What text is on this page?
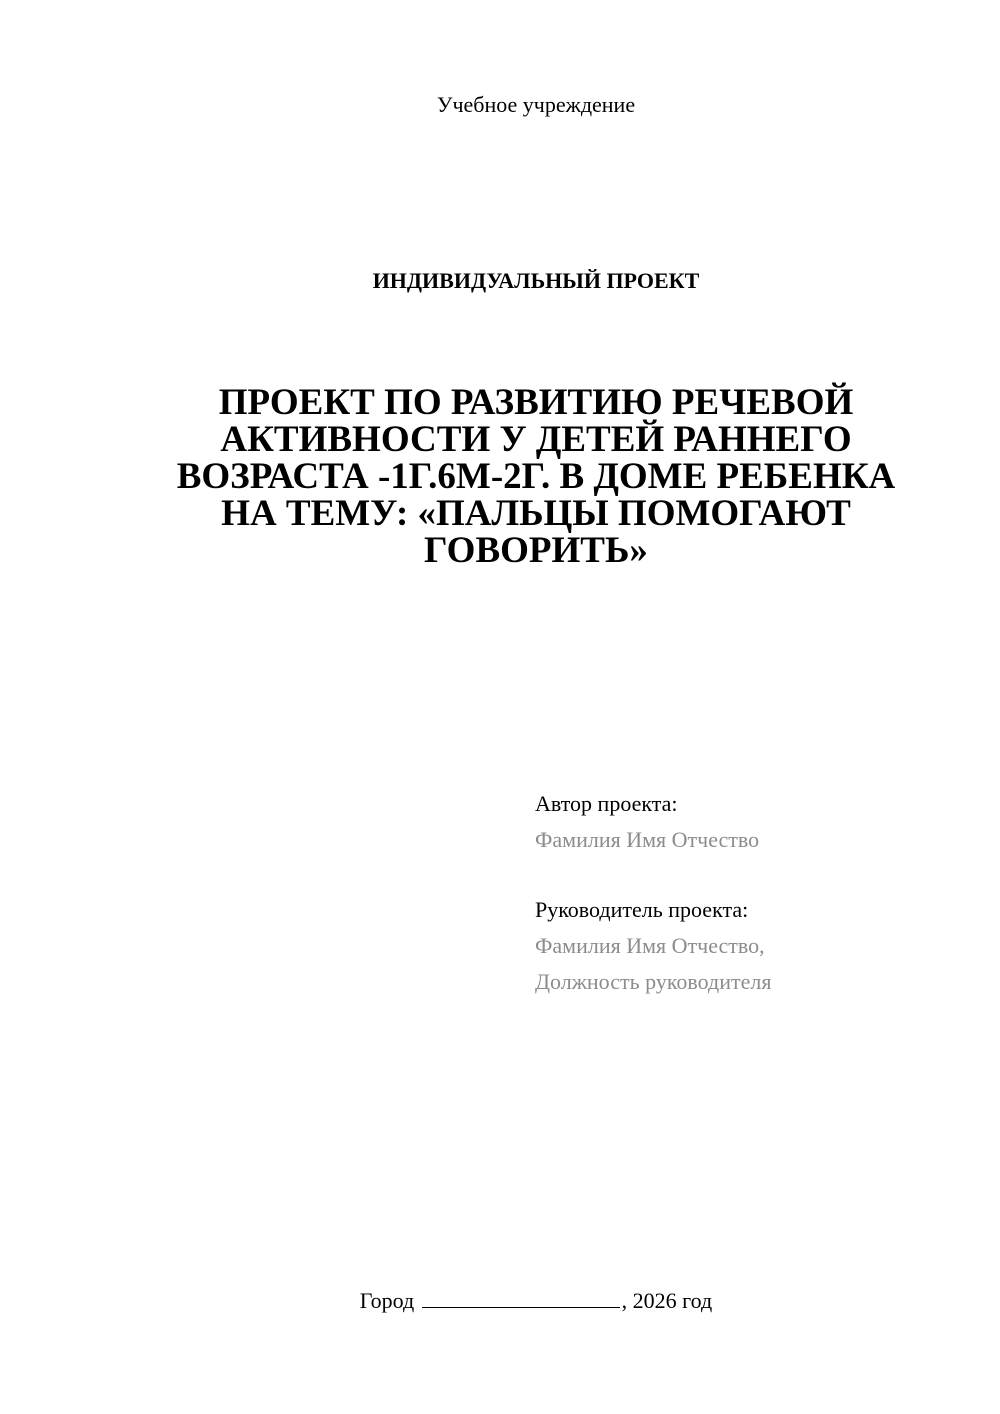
Учебное учреждение
ИНДИВИДУАЛЬНЫЙ ПРОЕКТ
ПРОЕКТ ПО РАЗВИТИЮ РЕЧЕВОЙ
АКТИВНОСТИ У ДЕТЕЙ РАННЕГО
ВОЗРАСТА -1Г.6М-2Г. В ДОМЕ РЕБЕНКА
НА ТЕМУ: «ПАЛЬЦЫ ПОМОГАЮТ
ГОВОРИТЬ»
Автор проекта:
Фамилия Имя Отчество
Руководитель проекта:
Фамилия Имя Отчество,
Должность руководителя
Город	, 2026 год
